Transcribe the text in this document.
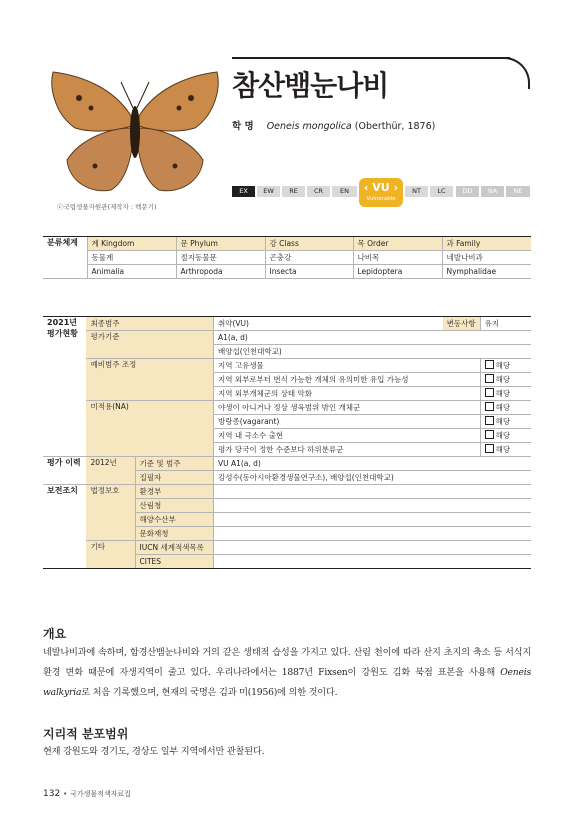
ⓒ국립생물자원관(제작자 : 백문기)
참산뱀눈나비
학 명 Oeneis mongolica (Oberthür, 1876)
EX	EW	RE	CR	EN	‹ VU ›
Vulnerable
NT	LC	DD	NA	NE
분류체계	계 Kingdom	문 Phylum	강 Class	목 Order	과 Family
	동물계	절지동물문	곤충강	나비목	네발나비과
	Animalia	Arthropoda	Insecta	Lepidoptera	Nymphalidae
2021년
평가현황	최종범주		취약(VU)	변동사항	유지
	평가기준		A1(a, d)		
			배양섭(인천대학교)		
	예비범주 조정		지역 고유생물		해당
			지역 외부로부터 번식 가능한 개체의 유의미한 유입 가능성		해당
			지역 외부개체군의 상태 악화		해당
	미적용(NA)		야생이 아니거나 정상 생육범위 밖인 개체군		해당
			방랑종(vagarant)		해당
			지역 내 극소수 출현		해당
			평가 당국이 정한 수준보다 하위분류군		해당
평가 이력	2012년	기준 및 범주	VU A1(a, d)		
		집필자	김성수(동아시아환경생물연구소), 배양섭(인천대학교)		
보전조치	법정보호	환경부			
		산림청			
		해양수산부			
		문화재청			
	기타	IUCN 세계적색목록			
		CITES			
개요
네발나비과에 속하며, 함경산뱀눈나비와 거의 같은 생태적 습성을 가지고 있다. 산림 천이에 따라 산지 초지의 축소 등 서식지 환경 변화 때문에 자생지역이 줄고 있다. 우리나라에서는 1887년 Fixsen이 강원도 김화 북점 표본을 사용해 Oeneis walkyria로 처음 기록했으며, 현재의 국명은 김과 미(1956)에 의한 것이다.
지리적 분포범위
현재 강원도와 경기도, 경상도 일부 지역에서만 관찰된다.
132 • 국가생물적색자료집
